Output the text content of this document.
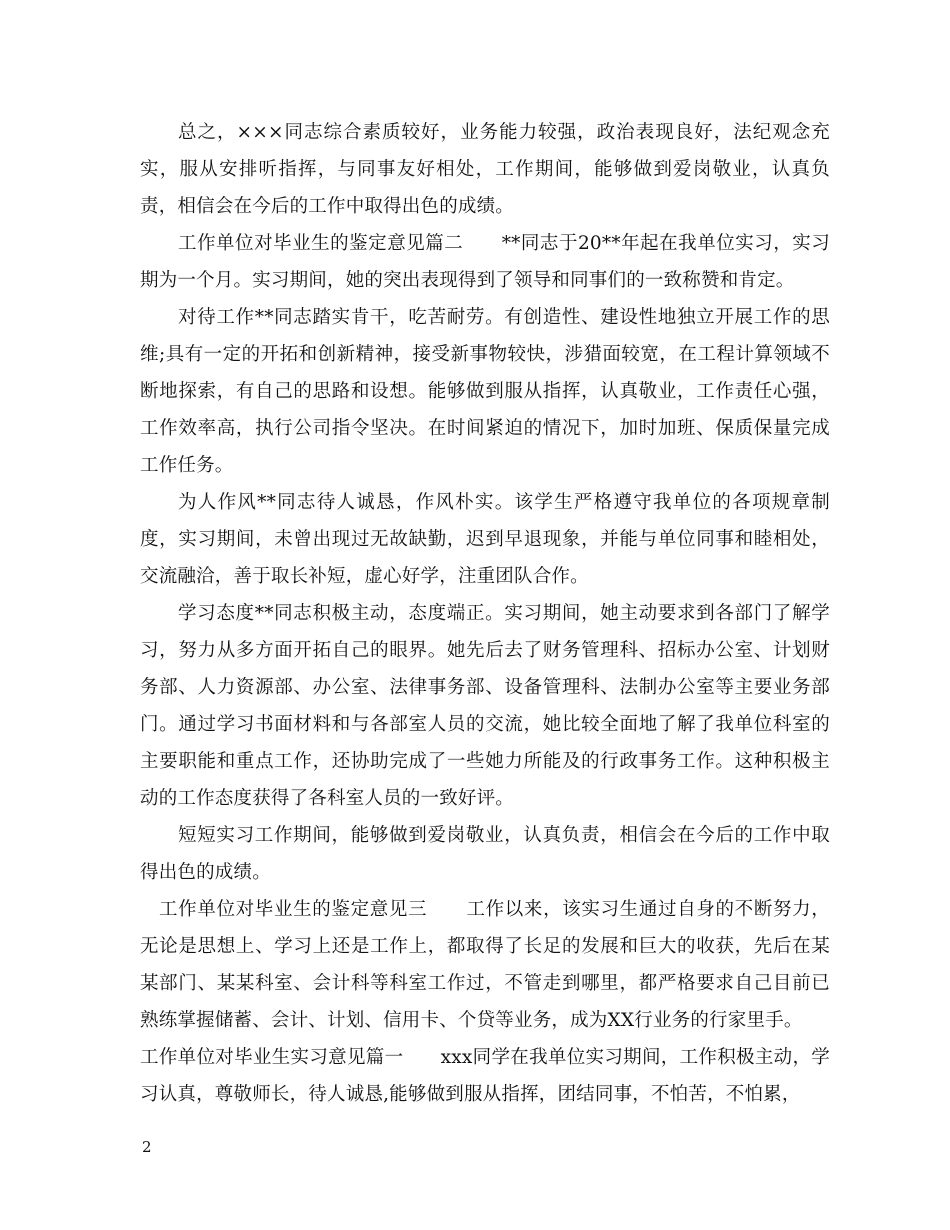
总之，×××同志综合素质较好，业务能力较强，政治表现良好，法纪观念充实，服从安排听指挥，与同事友好相处，工作期间，能够做到爱岗敬业，认真负责，相信会在今后的工作中取得出色的成绩。

工作单位对毕业生的鉴定意见篇二 **同志于20**年起在我单位实习，实习期为一个月。实习期间，她的突出表现得到了领导和同事们的一致称赞和肯定。

对待工作**同志踏实肯干，吃苦耐劳。有创造性、建设性地独立开展工作的思维;具有一定的开拓和创新精神，接受新事物较快，涉猎面较宽，在工程计算领域不断地探索，有自己的思路和设想。能够做到服从指挥，认真敬业，工作责任心强，工作效率高，执行公司指令坚决。在时间紧迫的情况下，加时加班、保质保量完成工作任务。

为人作风**同志待人诚恳，作风朴实。该学生严格遵守我单位的各项规章制度，实习期间，未曾出现过无故缺勤，迟到早退现象，并能与单位同事和睦相处，交流融洽，善于取长补短，虚心好学，注重团队合作。

学习态度**同志积极主动，态度端正。实习期间，她主动要求到各部门了解学习，努力从多方面开拓自己的眼界。她先后去了财务管理科、招标办公室、计划财务部、人力资源部、办公室、法律事务部、设备管理科、法制办公室等主要业务部门。通过学习书面材料和与各部室人员的交流，她比较全面地了解了我单位科室的主要职能和重点工作，还协助完成了一些她力所能及的行政事务工作。这种积极主动的工作态度获得了各科室人员的一致好评。

短短实习工作期间，能够做到爱岗敬业，认真负责，相信会在今后的工作中取得出色的成绩。

工作单位对毕业生的鉴定意见三 工作以来，该实习生通过自身的不断努力，无论是思想上、学习上还是工作上，都取得了长足的发展和巨大的收获，先后在某某部门、某某科室、会计科等科室工作过，不管走到哪里，都严格要求自己目前已熟练掌握储蓄、会计、计划、信用卡、个贷等业务，成为XX行业务的行家里手。

工作单位对毕业生实习意见篇一 xxx同学在我单位实习期间，工作积极主动，学习认真，尊敬师长，待人诚恳,能够做到服从指挥，团结同事，不怕苦，不怕累，

2
